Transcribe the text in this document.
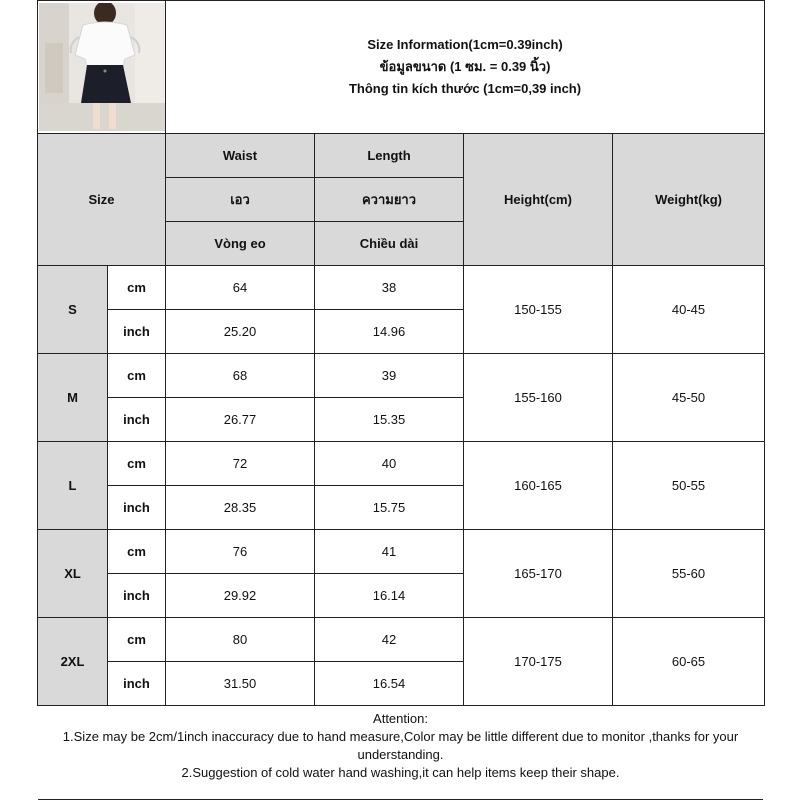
Size Information(1cm=0.39inch)
ข้อมูลขนาด (1 ซม. = 0.39 นิ้ว)
Thông tin kích thước (1cm=0,39 inch)			

Size		Waist	Length	Height(cm)	Weight(kg)
		เอว	ความยาว		
		Vòng eo	Chiều dài		
S	cm	64	38	150-155	40-45
	inch	25.20	14.96		
M	cm	68	39	155-160	45-50
	inch	26.77	15.35		
L	cm	72	40	160-165	50-55
	inch	28.35	15.75		
XL	cm	76	41	165-170	55-60
	inch	29.92	16.14		
2XL	cm	80	42	170-175	60-65
	inch	31.50	16.54		
Attention:
1.Size may be 2cm/1inch inaccuracy due to hand measure,Color may be little different due to monitor ,thanks for your understanding.
2.Suggestion of cold water hand washing,it can help items keep their shape.
